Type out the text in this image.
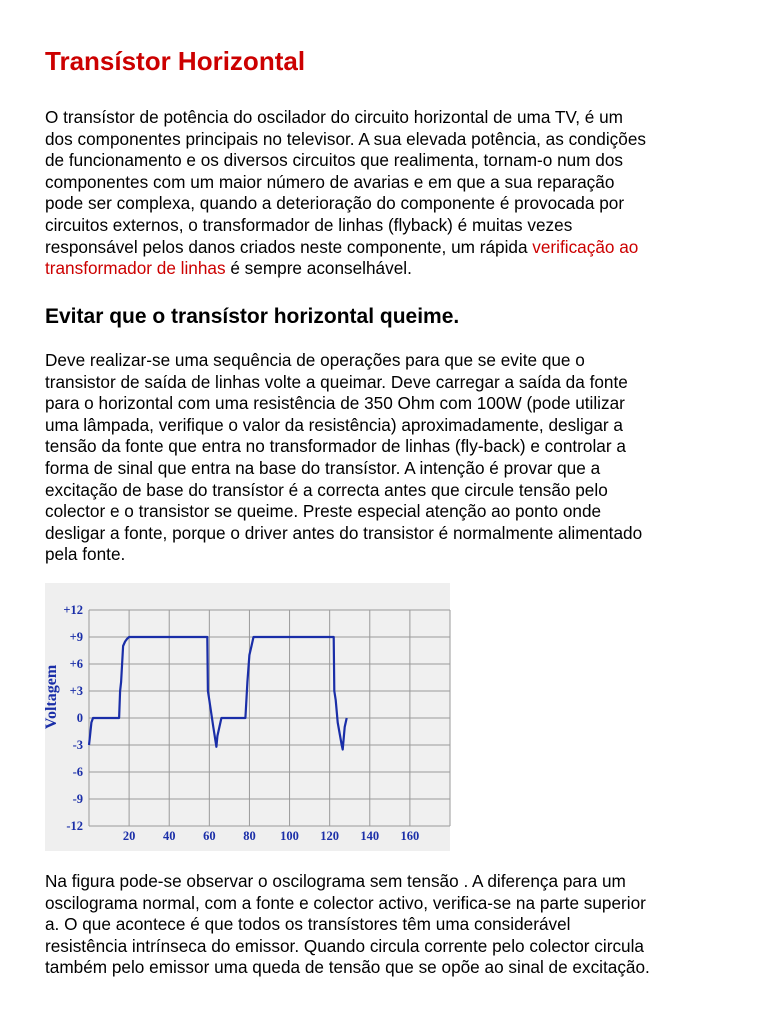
Transístor Horizontal
O transístor de potência do oscilador do circuito horizontal de uma TV, é um
dos componentes principais no televisor. A sua elevada potência, as condições
de funcionamento e os diversos circuitos que realimenta, tornam-o num dos
componentes com um maior número de avarias e em que a sua reparação
pode ser complexa, quando a deterioração do componente é provocada por
circuitos externos, o transformador de linhas (flyback) é muitas vezes
responsável pelos danos criados neste componente, um rápida verificação ao
transformador de linhas é sempre aconselhável.
Evitar que o transístor horizontal queime.
Deve realizar-se uma sequência de operações para que se evite que o
transistor de saída de linhas volte a queimar. Deve carregar a saída da fonte
para o horizontal com uma resistência de 350 Ohm com 100W (pode utilizar
uma lâmpada, verifique o valor da resistência) aproximadamente, desligar a
tensão da fonte que entra no transformador de linhas (fly-back) e controlar a
forma de sinal que entra na base do transístor. A intenção é provar que a
excitação de base do transístor é a correcta antes que circule tensão pelo
colector e o transistor se queime. Preste especial atenção ao ponto onde
desligar a fonte, porque o driver antes do transistor é normalmente alimentado
pela fonte.
+12
+9
+6
+3
0
-3
-6
-9
-12
20 40 60 80 100 120 140 160
Voltagem
Na figura pode-se observar o oscilograma sem tensão . A diferença para um
oscilograma normal, com a fonte e colector activo, verifica-se na parte superior
a. O que acontece é que todos os transístores têm uma considerável
resistência intrínseca do emissor. Quando circula corrente pelo colector circula
também pelo emissor uma queda de tensão que se opõe ao sinal de excitação.
